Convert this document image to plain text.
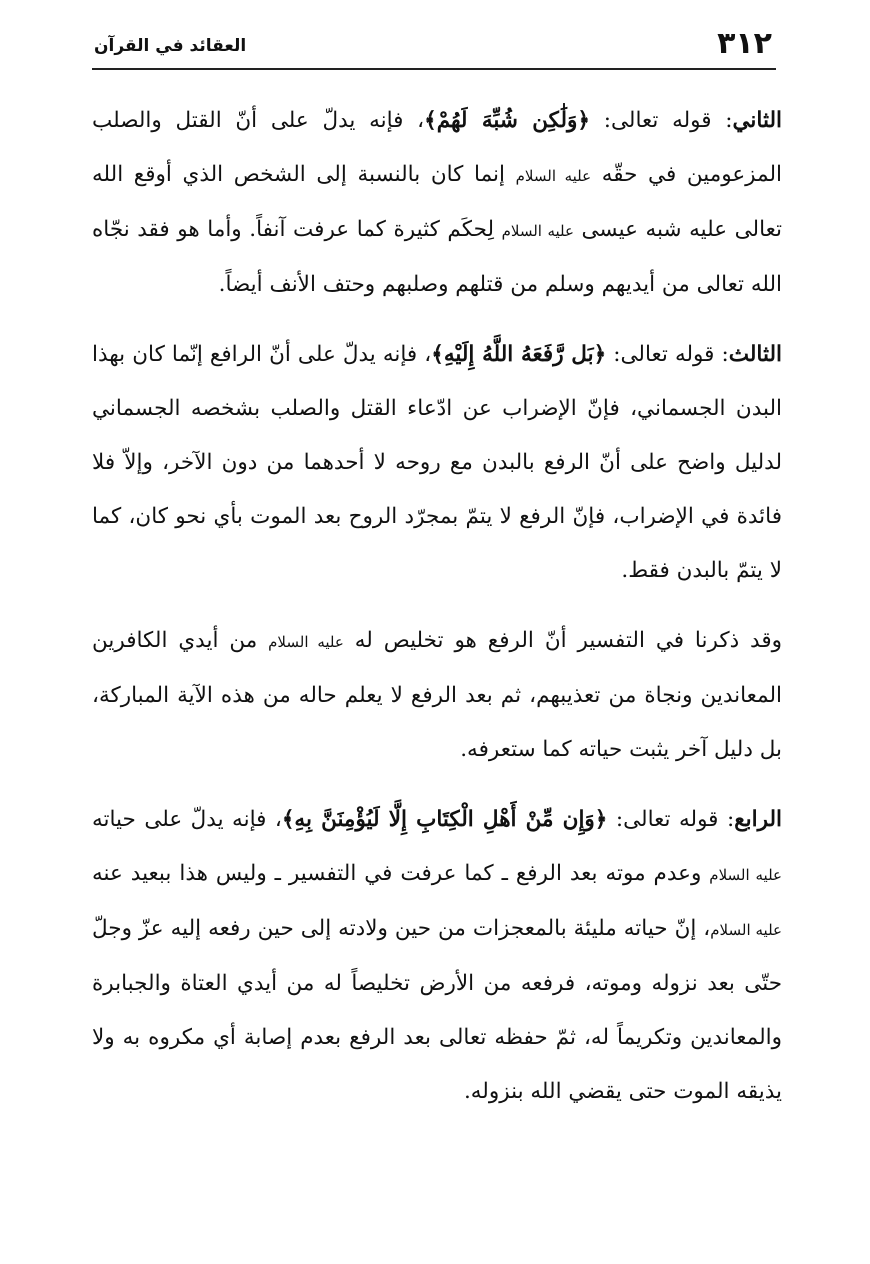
٣١٢
العقائد في القرآن

الثاني: قوله تعالى: ﴿وَلَٰكِن شُبِّهَ لَهُمْ﴾، فإنه يدلّ على أنّ القتل والصلب المزعومين في حقّه عليه السلام إنما كان بالنسبة إلى الشخص الذي أوقع الله تعالى عليه شبه عيسى عليه السلام لِحكَم كثيرة كما عرفت آنفاً. وأما هو فقد نجّاه الله تعالى من أيديهم وسلم من قتلهم وصلبهم وحتف الأنف أيضاً.

الثالث: قوله تعالى: ﴿بَل رَّفَعَهُ اللَّهُ إِلَيْهِ﴾، فإنه يدلّ على أنّ الرافع إنّما كان بهذا البدن الجسماني، فإنّ الإضراب عن ادّعاء القتل والصلب بشخصه الجسماني لدليل واضح على أنّ الرفع بالبدن مع روحه لا أحدهما من دون الآخر، وإلاّ فلا فائدة في الإضراب، فإنّ الرفع لا يتمّ بمجرّد الروح بعد الموت بأي نحو كان، كما لا يتمّ بالبدن فقط.

وقد ذكرنا في التفسير أنّ الرفع هو تخليص له عليه السلام من أيدي الكافرين المعاندين ونجاة من تعذيبهم، ثم بعد الرفع لا يعلم حاله من هذه الآية المباركة، بل دليل آخر يثبت حياته كما ستعرفه.

الرابع: قوله تعالى: ﴿وَإِن مِّنْ أَهْلِ الْكِتَابِ إِلَّا لَيُؤْمِنَنَّ بِهِ﴾، فإنه يدلّ على حياته عليه السلام وعدم موته بعد الرفع ـ كما عرفت في التفسير ـ وليس هذا ببعيد عنه عليه السلام، إنّ حياته مليئة بالمعجزات من حين ولادته إلى حين رفعه إليه عزّ وجلّ حتّى بعد نزوله وموته، فرفعه من الأرض تخليصاً له من أيدي العتاة والجبابرة والمعاندين وتكريماً له، ثمّ حفظه تعالى بعد الرفع بعدم إصابة أي مكروه به ولا يذيقه الموت حتى يقضي الله بنزوله.
